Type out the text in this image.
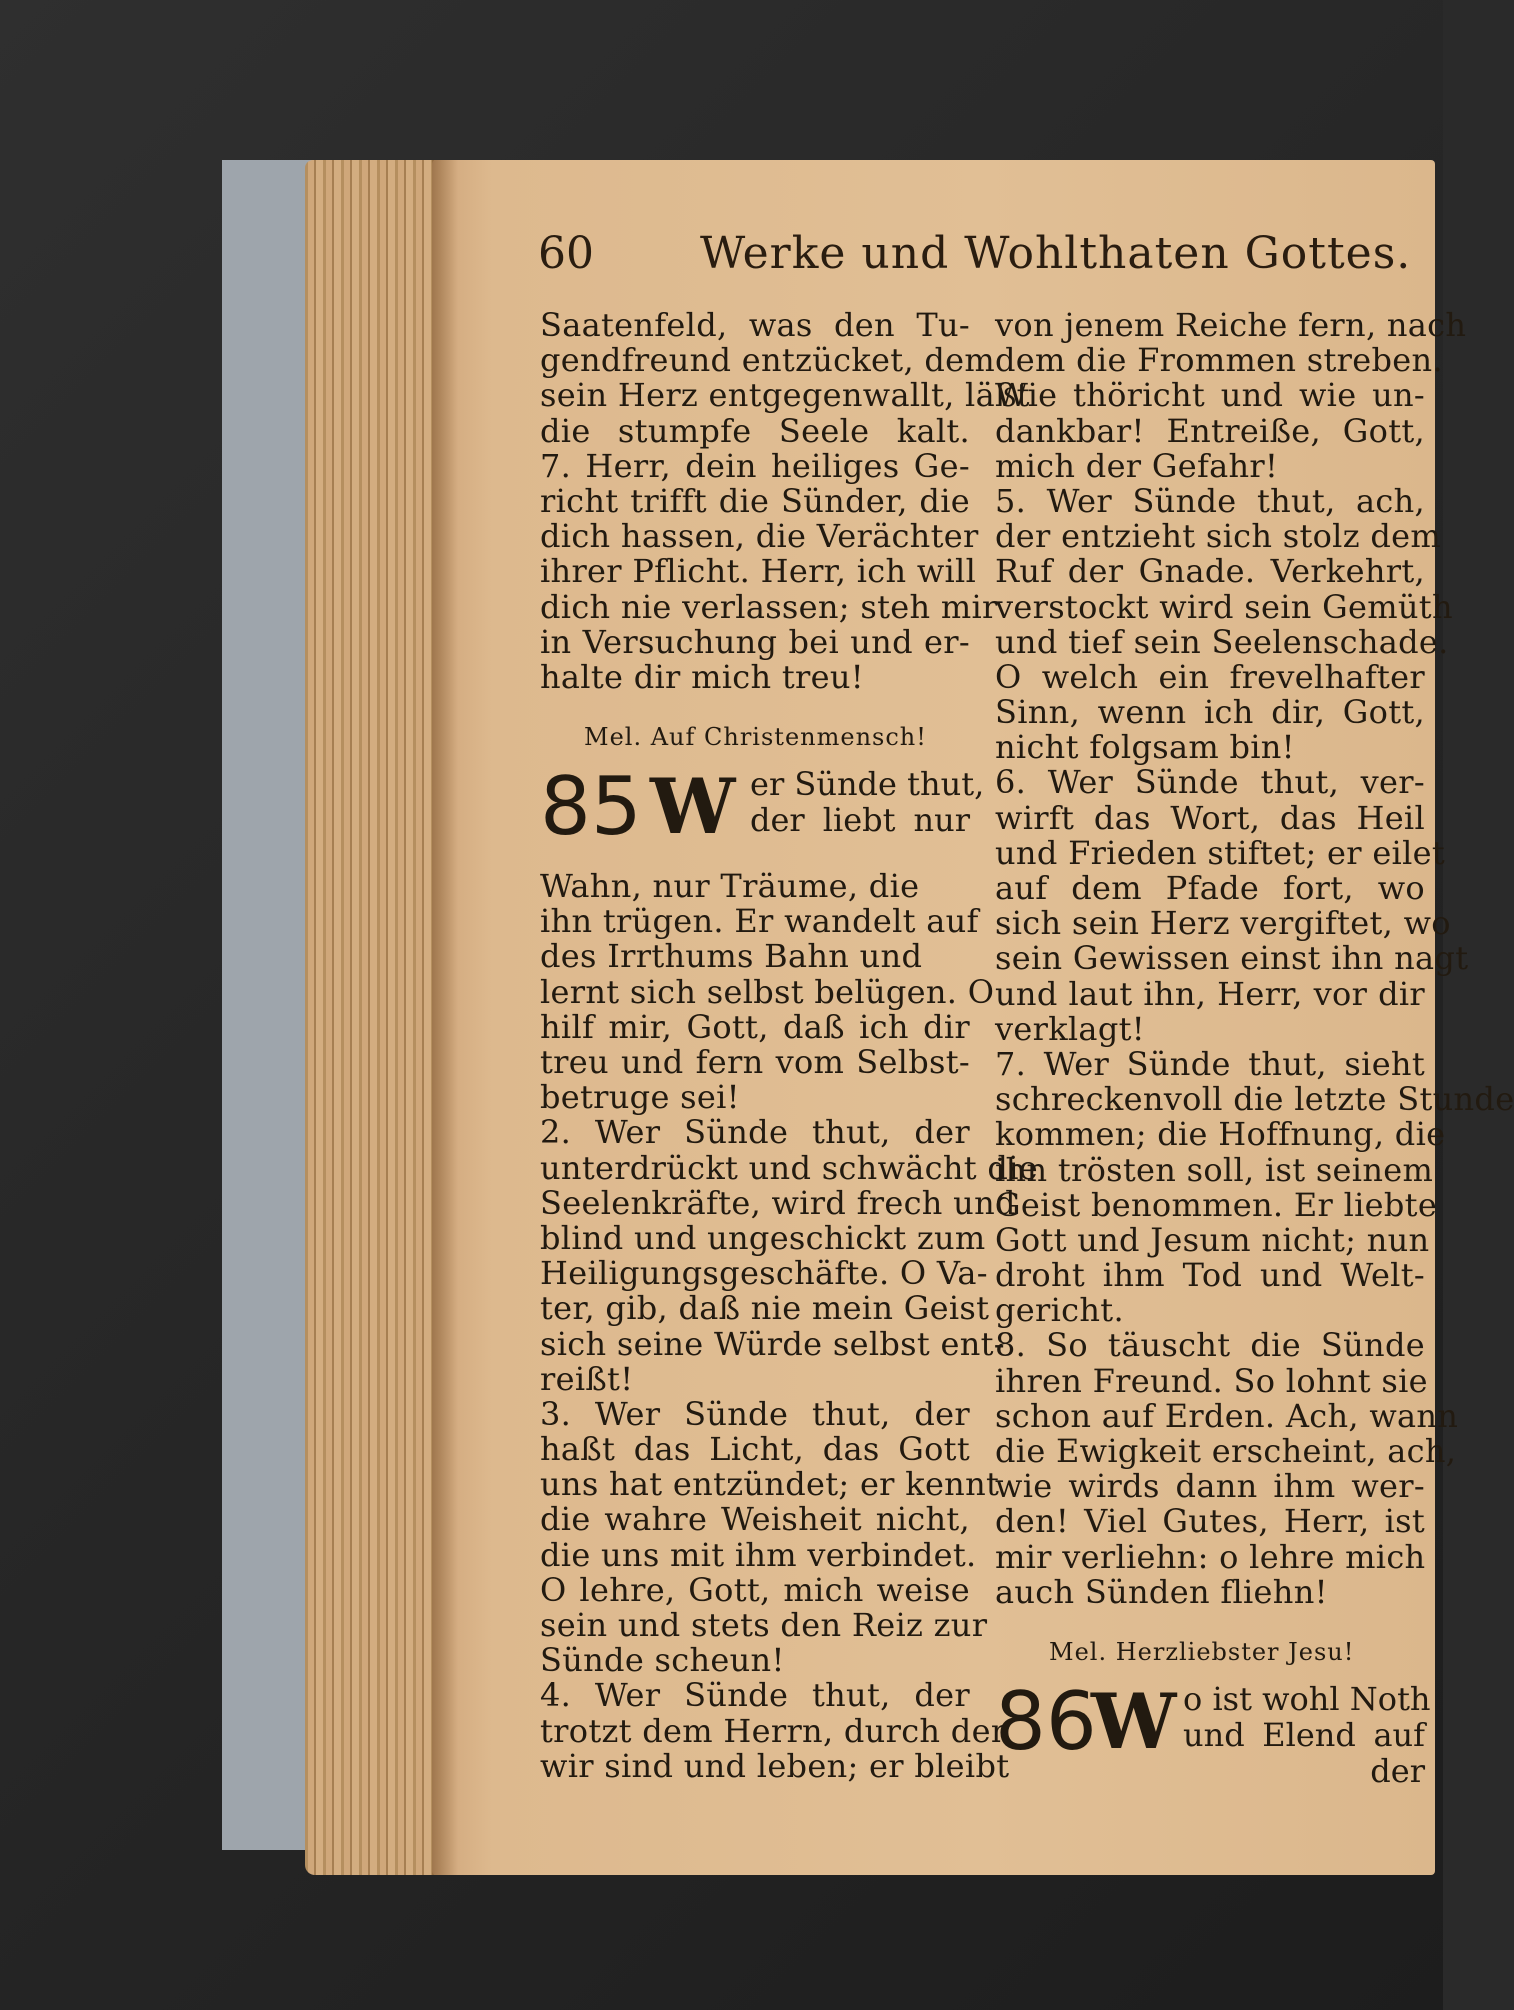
60 Werke und Wohlthaten Gottes.
Saatenfeld, was den Tu-
gendfreund entzücket, dem
sein Herz entgegenwallt, läßt
die stumpfe Seele kalt.
7. Herr, dein heiliges Ge-
richt trifft die Sünder, die
dich hassen, die Verächter
ihrer Pflicht. Herr, ich will
dich nie verlassen; steh mir
in Versuchung bei und er-
halte dir mich treu!
Mel. Auf Christenmensch!
85 W er Sünde thut,
der liebt nur
Wahn, nur Träume, die
ihn trügen. Er wandelt auf
des Irrthums Bahn und
lernt sich selbst belügen. O
hilf mir, Gott, daß ich dir
treu und fern vom Selbst-
betruge sei!
2. Wer Sünde thut, der
unterdrückt und schwächt die
Seelenkräfte, wird frech und
blind und ungeschickt zum
Heiligungsgeschäfte. O Va-
ter, gib, daß nie mein Geist
sich seine Würde selbst ent-
reißt!
3. Wer Sünde thut, der
haßt das Licht, das Gott
uns hat entzündet; er kennt
die wahre Weisheit nicht,
die uns mit ihm verbindet.
O lehre, Gott, mich weise
sein und stets den Reiz zur
Sünde scheun!
4. Wer Sünde thut, der
trotzt dem Herrn, durch den
wir sind und leben; er bleibt
von jenem Reiche fern, nach
dem die Frommen streben.
Wie thöricht und wie un-
dankbar! Entreiße, Gott,
mich der Gefahr!
5. Wer Sünde thut, ach,
der entzieht sich stolz dem
Ruf der Gnade. Verkehrt,
verstockt wird sein Gemüth
und tief sein Seelenschade.
O welch ein frevelhafter
Sinn, wenn ich dir, Gott,
nicht folgsam bin!
6. Wer Sünde thut, ver-
wirft das Wort, das Heil
und Frieden stiftet; er eilet
auf dem Pfade fort, wo
sich sein Herz vergiftet, wo
sein Gewissen einst ihn nagt
und laut ihn, Herr, vor dir
verklagt!
7. Wer Sünde thut, sieht
schreckenvoll die letzte Stunde
kommen; die Hoffnung, die
ihn trösten soll, ist seinem
Geist benommen. Er liebte
Gott und Jesum nicht; nun
droht ihm Tod und Welt-
gericht.
8. So täuscht die Sünde
ihren Freund. So lohnt sie
schon auf Erden. Ach, wann
die Ewigkeit erscheint, ach,
wie wirds dann ihm wer-
den! Viel Gutes, Herr, ist
mir verliehn: o lehre mich
auch Sünden fliehn!
Mel. Herzliebster Jesu!
86
W o ist wohl Noth
und Elend auf
der
